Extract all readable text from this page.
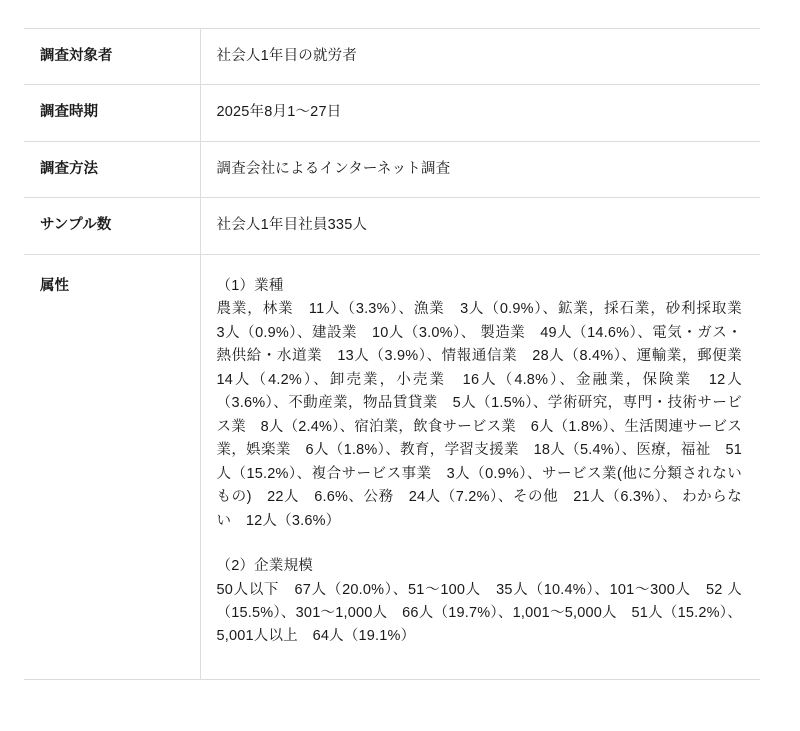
調査対象者	社会人1年目の就労者
調査時期	2025年8月1〜27日
調査方法	調査会社によるインターネット調査
サンプル数	社会人1年目社員335人
属性	（1）業種

農業，林業　11人（3.3%）、漁業　3人（0.9%）、鉱業，採石業，砂利採取業　3人（0.9%）、建設業　10人（3.0%）、 製造業　49人（14.6%）、電気・ガス・熱供給・水道業　13人（3.9%）、情報通信業　28人（8.4%）、運輸業，郵便業　14人（4.2%）、卸売業，小売業　16人（4.8%）、金融業，保険業　12人（3.6%）、不動産業，物品賃貸業　5人（1.5%）、学術研究，専門・技術サービス業　8人（2.4%）、宿泊業，飲食サービス業　6人（1.8%）、生活関連サービス業，娯楽業　6人（1.8%）、教育，学習支援業　18人（5.4%）、医療，福祉　51人（15.2%）、複合サービス事業　3人（0.9%）、サービス業(他に分類されないもの)　22人　6.6%、公務　24人（7.2%）、その他　21人（6.3%）、 わからない　12人（3.6%）

（2）企業規模

50人以下　67人（20.0%）、51〜100人　35人（10.4%）、101〜300人　52 人（15.5%）、301〜1,000人　66人（19.7%）、1,001〜5,000人　51人（15.2%）、5,001人以上　64人（19.1%）
